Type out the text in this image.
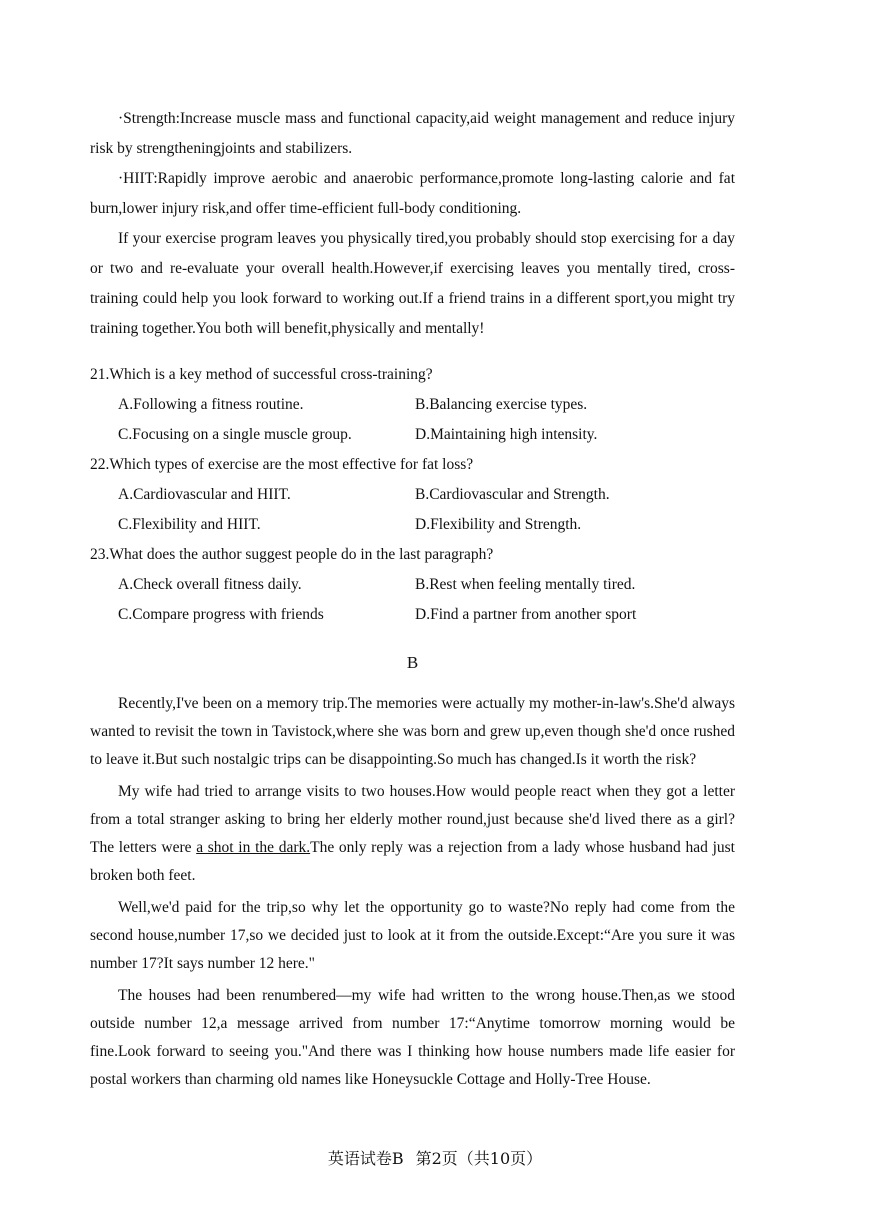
·Strength:Increase muscle mass and functional capacity,aid weight management and reduce injury risk by strengtheningjoints and stabilizers.

·HIIT:Rapidly improve aerobic and anaerobic performance,promote long-lasting calorie and fat burn,lower injury risk,and offer time-efficient full-body conditioning.

If your exercise program leaves you physically tired,you probably should stop exercising for a day or two and re-evaluate your overall health.However,if exercising leaves you mentally tired, cross-training could help you look forward to working out.If a friend trains in a different sport,you might try training together.You both will benefit,physically and mentally!

21.Which is a key method of successful cross-training?

A.Following a fitness routine.	B.Balancing exercise types.
C.Focusing on a single muscle group.	D.Maintaining high intensity.

22.Which types of exercise are the most effective for fat loss?

A.Cardiovascular and HIIT.	B.Cardiovascular and Strength.
C.Flexibility and HIIT.	D.Flexibility and Strength.

23.What does the author suggest people do in the last paragraph?

A.Check overall fitness daily.	B.Rest when feeling mentally tired.
C.Compare progress with friends	D.Find a partner from another sport
B

Recently,I've been on a memory trip.The memories were actually my mother-in-law's.She'd always wanted to revisit the town in Tavistock,where she was born and grew up,even though she'd once rushed to leave it.But such nostalgic trips can be disappointing.So much has changed.Is it worth the risk?

My wife had tried to arrange visits to two houses.How would people react when they got a letter from a total stranger asking to bring her elderly mother round,just because she'd lived there as a girl?The letters were a shot in the dark.The only reply was a rejection from a lady whose husband had just broken both feet.

Well,we'd paid for the trip,so why let the opportunity go to waste?No reply had come from the second house,number 17,so we decided just to look at it from the outside.Except:“Are you sure it was number 17?It says number 12 here."

The houses had been renumbered—my wife had written to the wrong house.Then,as we stood outside number 12,a message arrived from number 17:“Anytime tomorrow morning would be fine.Look forward to seeing you."And there was I thinking how house numbers made life easier for postal workers than charming old names like Honeysuckle Cottage and Holly-Tree House.

英语试卷B 第2页（共10页）
